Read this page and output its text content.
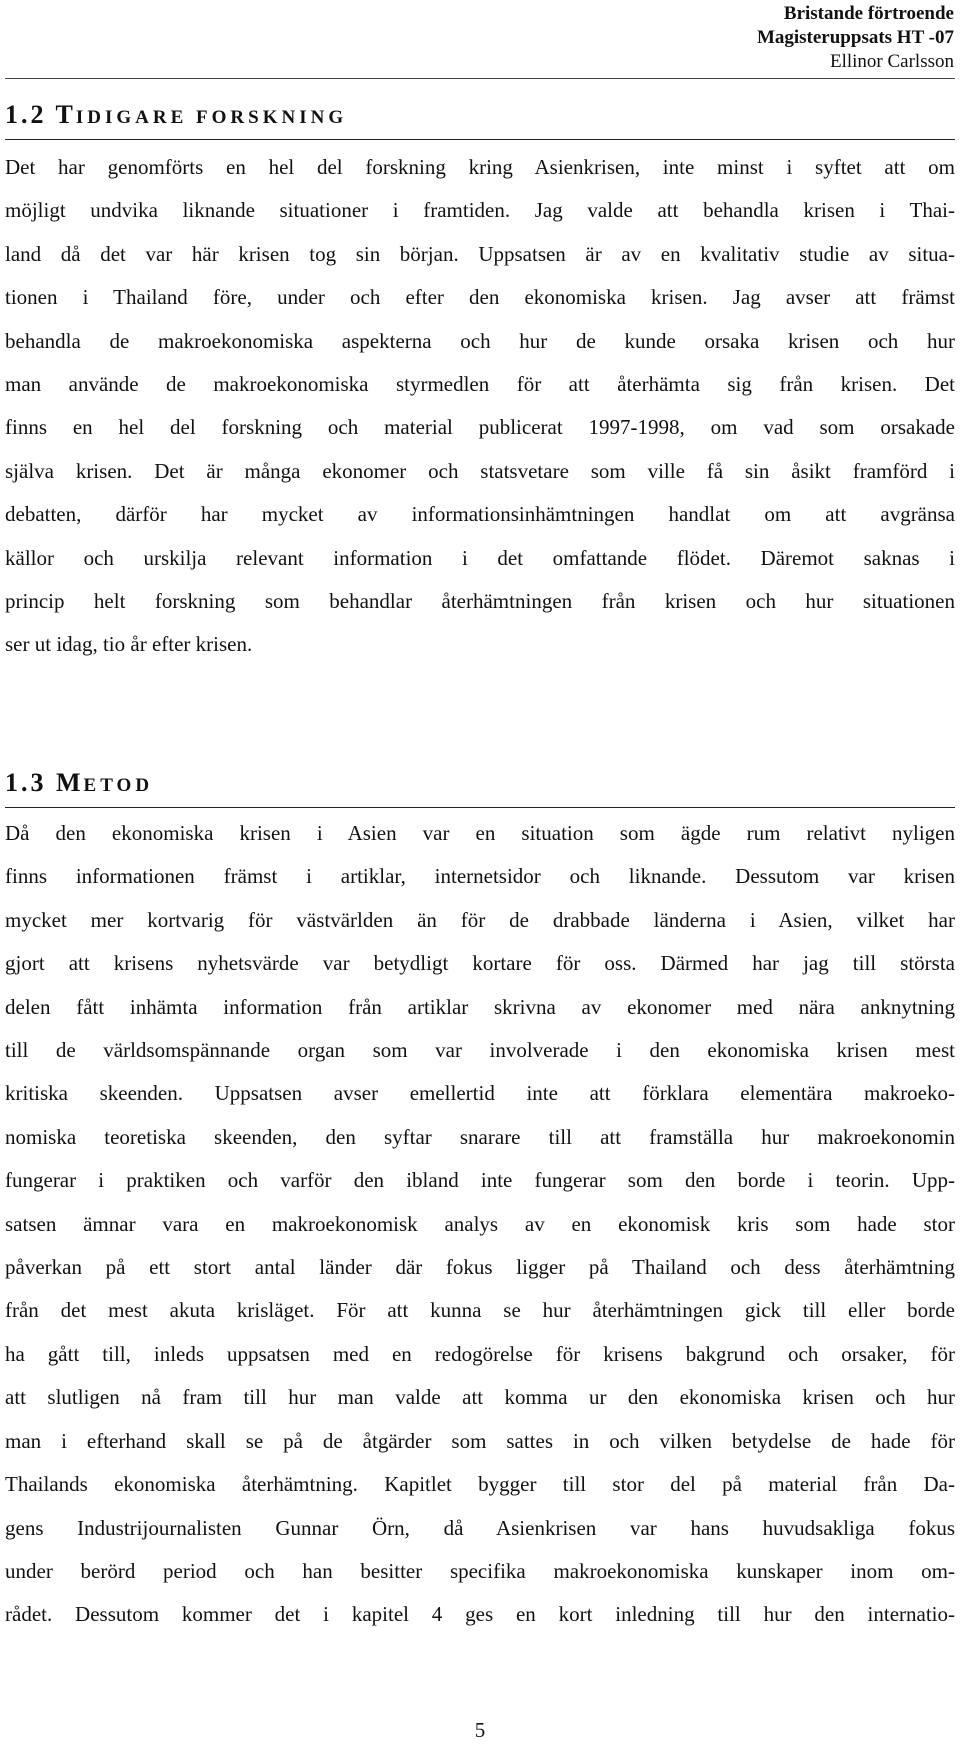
Bristande förtroende
Magisteruppsats HT -07
Ellinor Carlsson
1.2 TIDIGARE FORSKNING
Det har genomförts en hel del forskning kring Asienkrisen, inte minst i syftet att om
möjligt undvika liknande situationer i framtiden. Jag valde att behandla krisen i Thai-
land då det var här krisen tog sin början. Uppsatsen är av en kvalitativ studie av situa-
tionen i Thailand före, under och efter den ekonomiska krisen. Jag avser att främst
behandla de makroekonomiska aspekterna och hur de kunde orsaka krisen och hur
man använde de makroekonomiska styrmedlen för att återhämta sig från krisen. Det
finns en hel del forskning och material publicerat 1997-1998, om vad som orsakade
själva krisen. Det är många ekonomer och statsvetare som ville få sin åsikt framförd i
debatten, därför har mycket av informationsinhämtningen handlat om att avgränsa
källor och urskilja relevant information i det omfattande flödet. Däremot saknas i
princip helt forskning som behandlar återhämtningen från krisen och hur situationen
ser ut idag, tio år efter krisen.
1.3 METOD
Då den ekonomiska krisen i Asien var en situation som ägde rum relativt nyligen
finns informationen främst i artiklar, internetsidor och liknande. Dessutom var krisen
mycket mer kortvarig för västvärlden än för de drabbade länderna i Asien, vilket har
gjort att krisens nyhetsvärde var betydligt kortare för oss. Därmed har jag till största
delen fått inhämta information från artiklar skrivna av ekonomer med nära anknytning
till de världsomspännande organ som var involverade i den ekonomiska krisen mest
kritiska skeenden. Uppsatsen avser emellertid inte att förklara elementära makroeko-
nomiska teoretiska skeenden, den syftar snarare till att framställa hur makroekonomin
fungerar i praktiken och varför den ibland inte fungerar som den borde i teorin. Upp-
satsen ämnar vara en makroekonomisk analys av en ekonomisk kris som hade stor
påverkan på ett stort antal länder där fokus ligger på Thailand och dess återhämtning
från det mest akuta krisläget. För att kunna se hur återhämtningen gick till eller borde
ha gått till, inleds uppsatsen med en redogörelse för krisens bakgrund och orsaker, för
att slutligen nå fram till hur man valde att komma ur den ekonomiska krisen och hur
man i efterhand skall se på de åtgärder som sattes in och vilken betydelse de hade för
Thailands ekonomiska återhämtning. Kapitlet bygger till stor del på material från Da-
gens Industrijournalisten Gunnar Örn, då Asienkrisen var hans huvudsakliga fokus
under berörd period och han besitter specifika makroekonomiska kunskaper inom om-
rådet. Dessutom kommer det i kapitel 4 ges en kort inledning till hur den internatio-
5
